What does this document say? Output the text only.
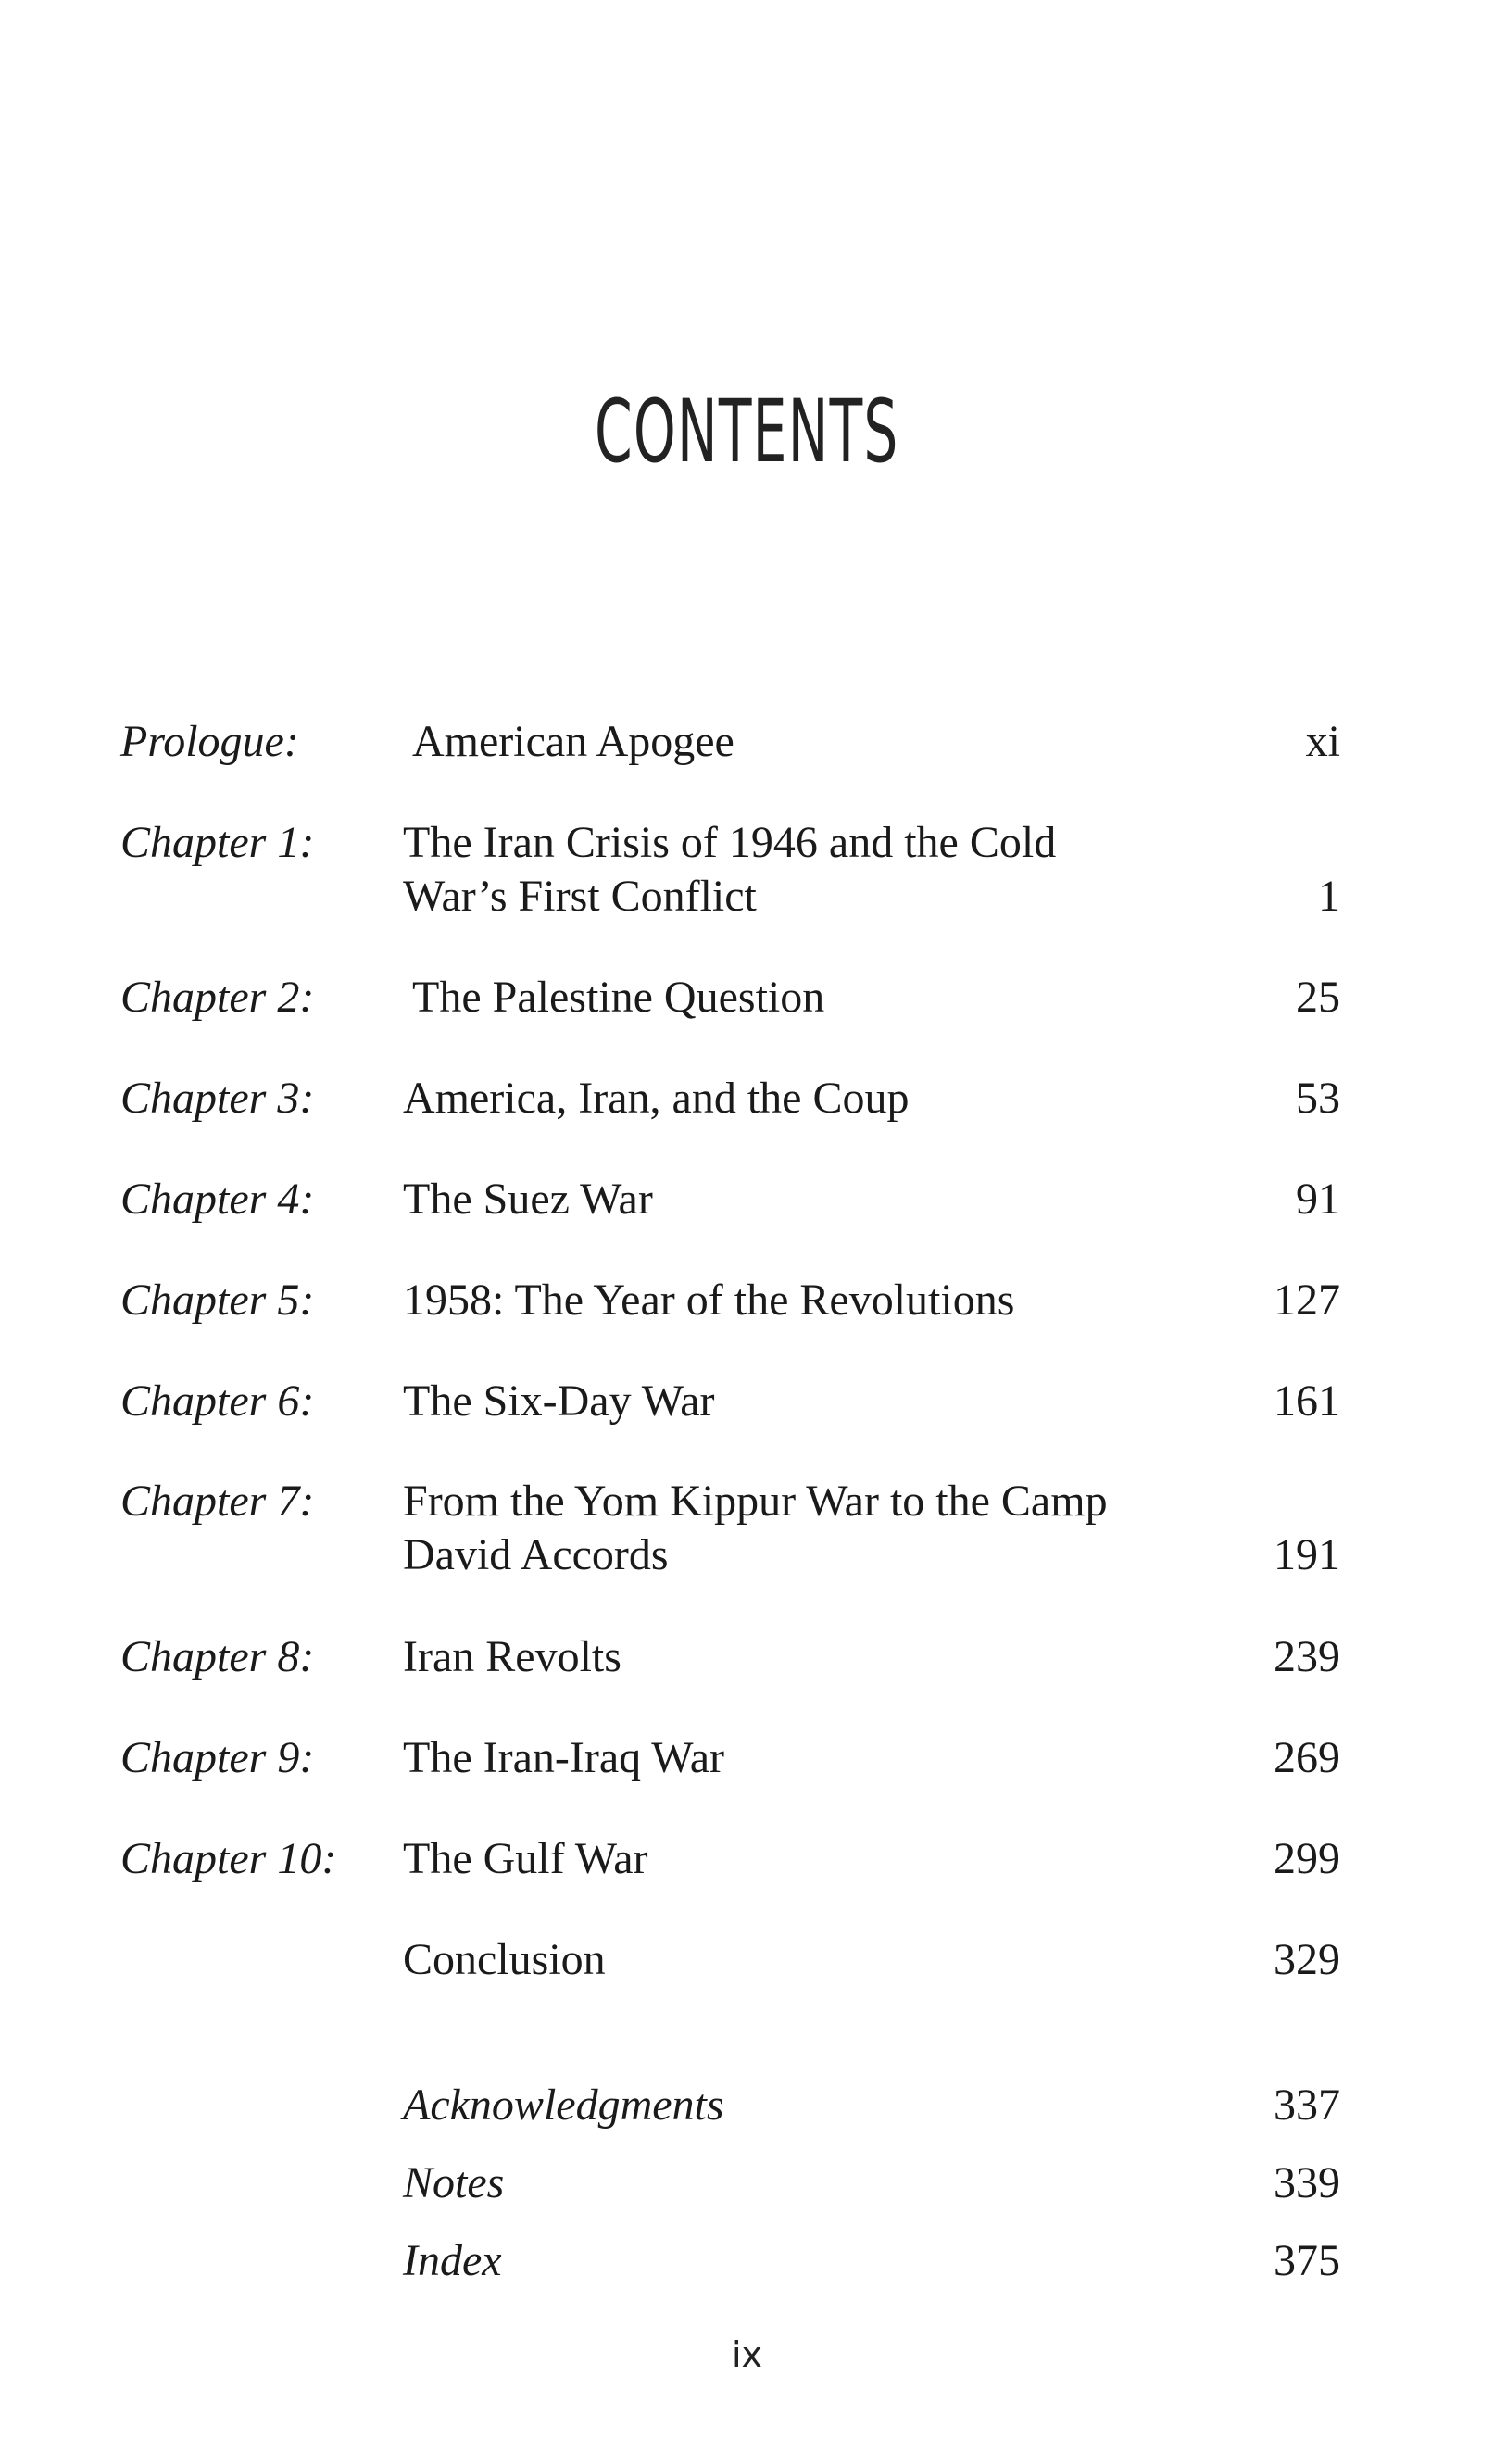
CONTENTS
Prologue:	American Apogee	xi
Chapter 1: The Iran Crisis of 1946 and the Cold
War’s First Conflict	1
Chapter 2: The Palestine Question	25
Chapter 3: America, Iran, and the Coup	53
Chapter 4: The Suez War	91
Chapter 5: 1958: The Year of the Revolutions	127
Chapter 6: The Six-Day War	161
Chapter 7: From the Yom Kippur War to the Camp
David Accords	191
Chapter 8: Iran Revolts	239
Chapter 9: The Iran-Iraq War	269
Chapter 10: The Gulf War	299
Conclusion	329
Acknowledgments	337
Notes	339
Index	375
ix
